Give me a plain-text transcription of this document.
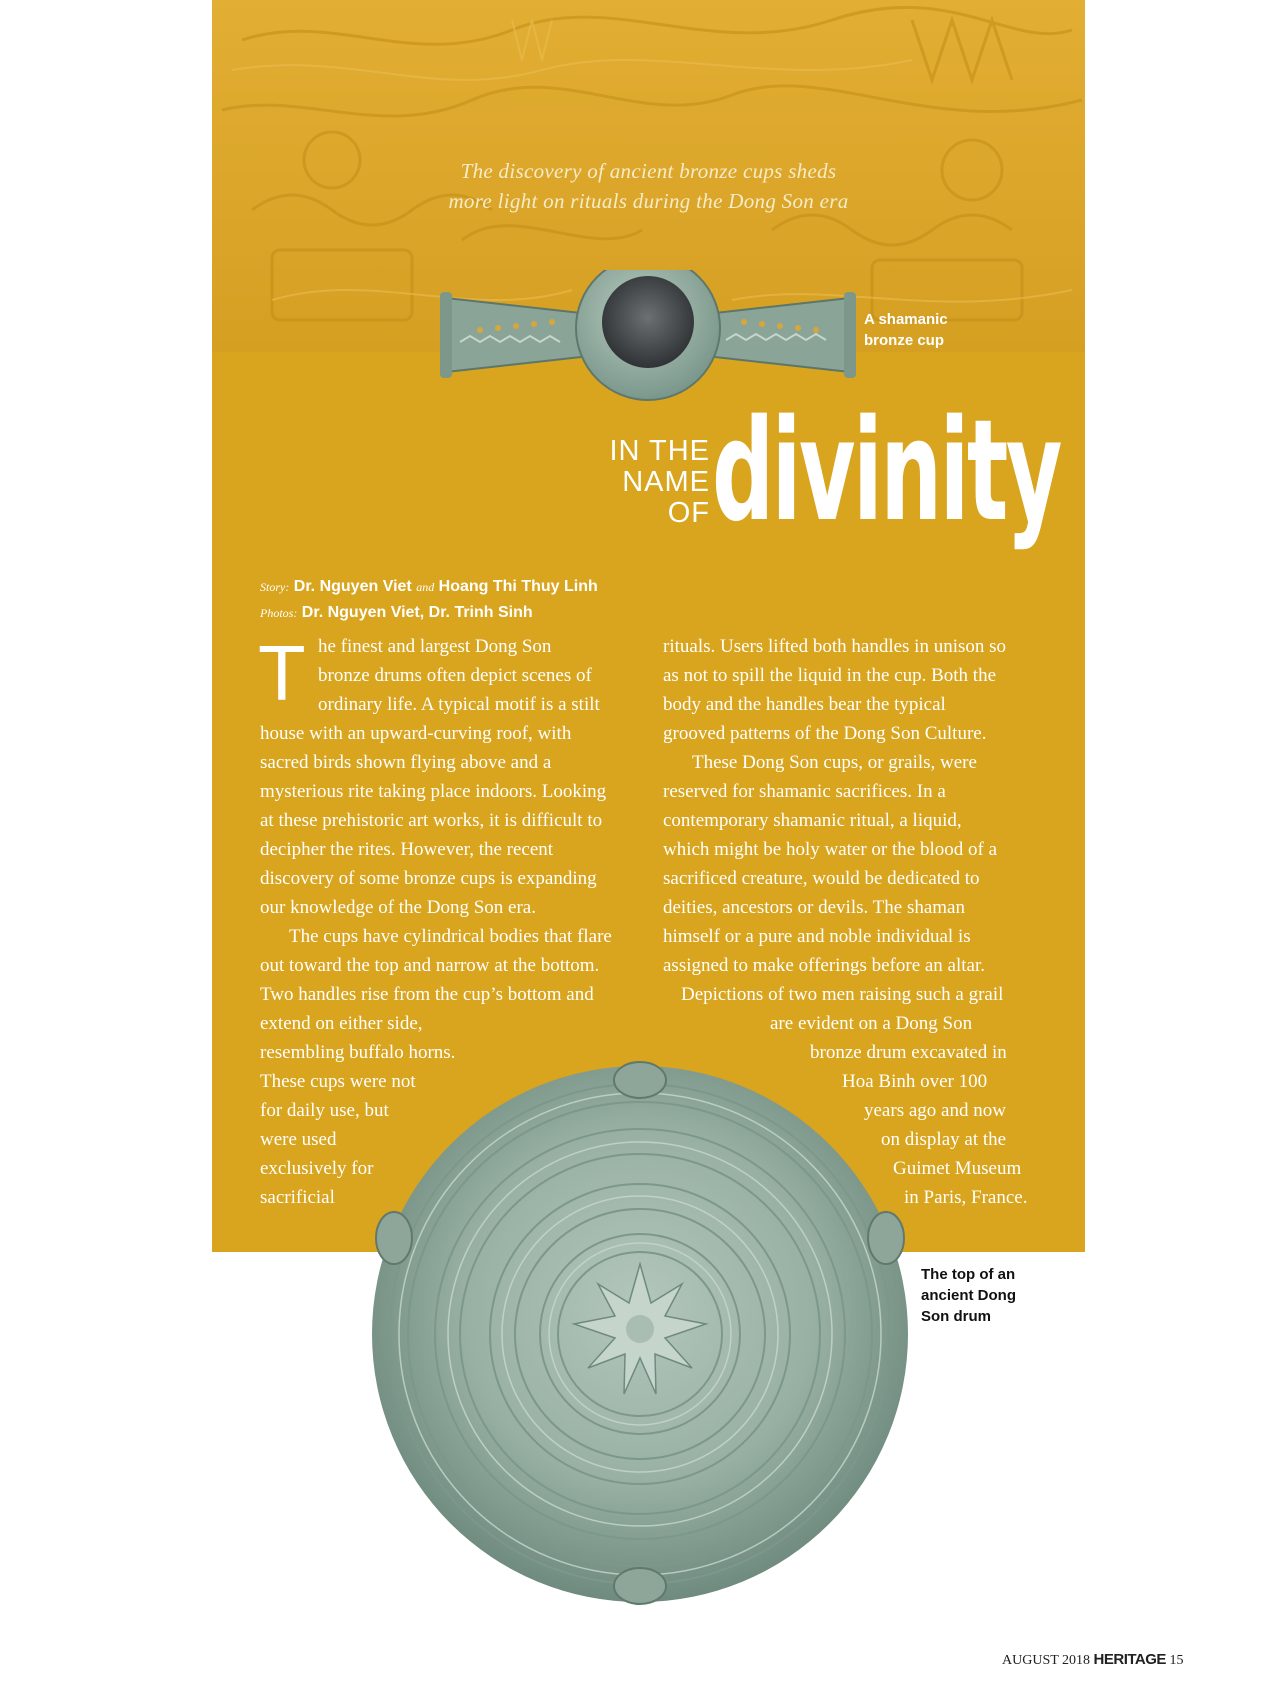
The discovery of ancient bronze cups sheds
more light on rituals during the Dong Son era
A shamanic
bronze cup
IN THE
NAME
OF divinity
Story: Dr. Nguyen Viet and Hoang Thi Thuy Linh
Photos: Dr. Nguyen Viet, Dr. Trinh Sinh
T he finest and largest Dong Son
bronze drums often depict scenes of
ordinary life. A typical motif is a stilt
house with an upward-curving roof, with
sacred birds shown flying above and a
mysterious rite taking place indoors. Looking
at these prehistoric art works, it is difficult to
decipher the rites. However, the recent
discovery of some bronze cups is expanding
our knowledge of the Dong Son era.
The cups have cylindrical bodies that flare
out toward the top and narrow at the bottom.
Two handles rise from the cup’s bottom and
extend on either side,
resembling buffalo horns.
These cups were not
for daily use, but
were used
exclusively for
sacrificial
rituals. Users lifted both handles in unison so
as not to spill the liquid in the cup. Both the
body and the handles bear the typical
grooved patterns of the Dong Son Culture.
These Dong Son cups, or grails, were
reserved for shamanic sacrifices. In a
contemporary shamanic ritual, a liquid,
which might be holy water or the blood of a
sacrificed creature, would be dedicated to
deities, ancestors or devils. The shaman
himself or a pure and noble individual is
assigned to make offerings before an altar.
Depictions of two men raising such a grail
are evident on a Dong Son
bronze drum excavated in
Hoa Binh over 100
years ago and now
on display at the
Guimet Museum
in Paris, France.
The top of an
ancient Dong
Son drum
AUGUST 2018 HERITAGE 15
